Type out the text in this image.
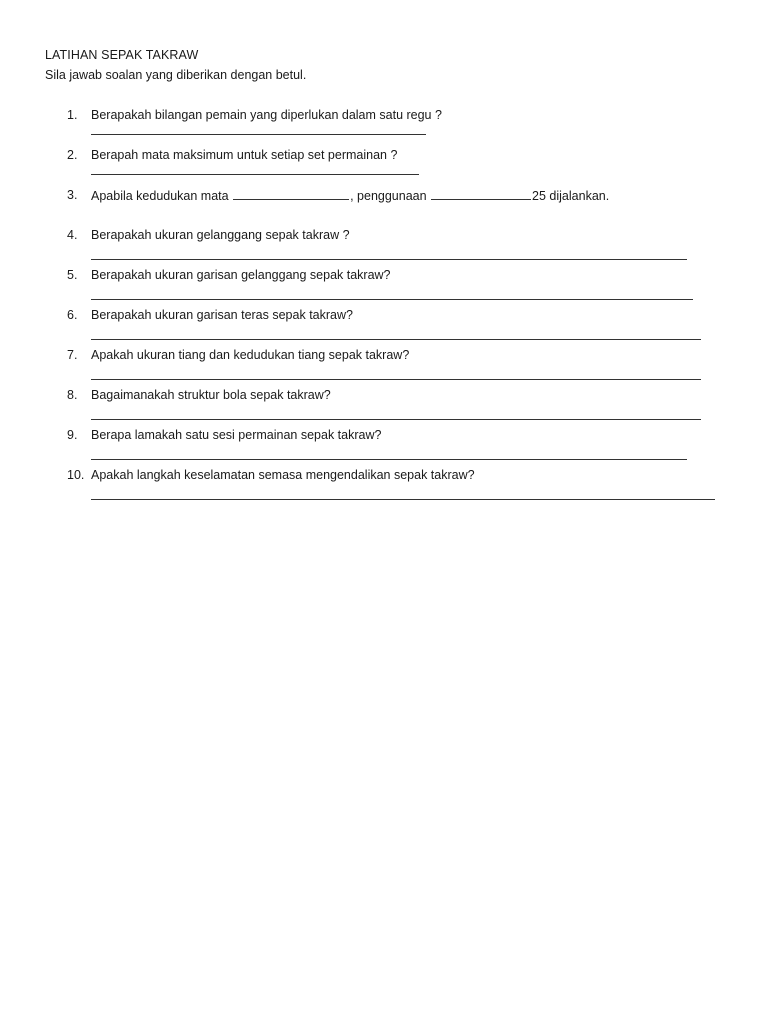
LATIHAN SEPAK TAKRAW
Sila jawab soalan yang diberikan dengan betul.
1.	Berapakah bilangan pemain yang diperlukan dalam satu regu ?
2.	Berapah mata maksimum untuk setiap set permainan ?
3.	Apabila kedudukan mata	, penggunaan	25 dijalankan.
4.	Berapakah ukuran gelanggang sepak takraw ?
5.	Berapakah ukuran garisan gelanggang sepak takraw?
6.	Berapakah ukuran garisan teras sepak takraw?
7.	Apakah ukuran tiang dan kedudukan tiang sepak takraw?
8.	Bagaimanakah struktur bola sepak takraw?
9.	Berapa lamakah satu sesi permainan sepak takraw?
10. Apakah langkah keselamatan semasa mengendalikan sepak takraw?
